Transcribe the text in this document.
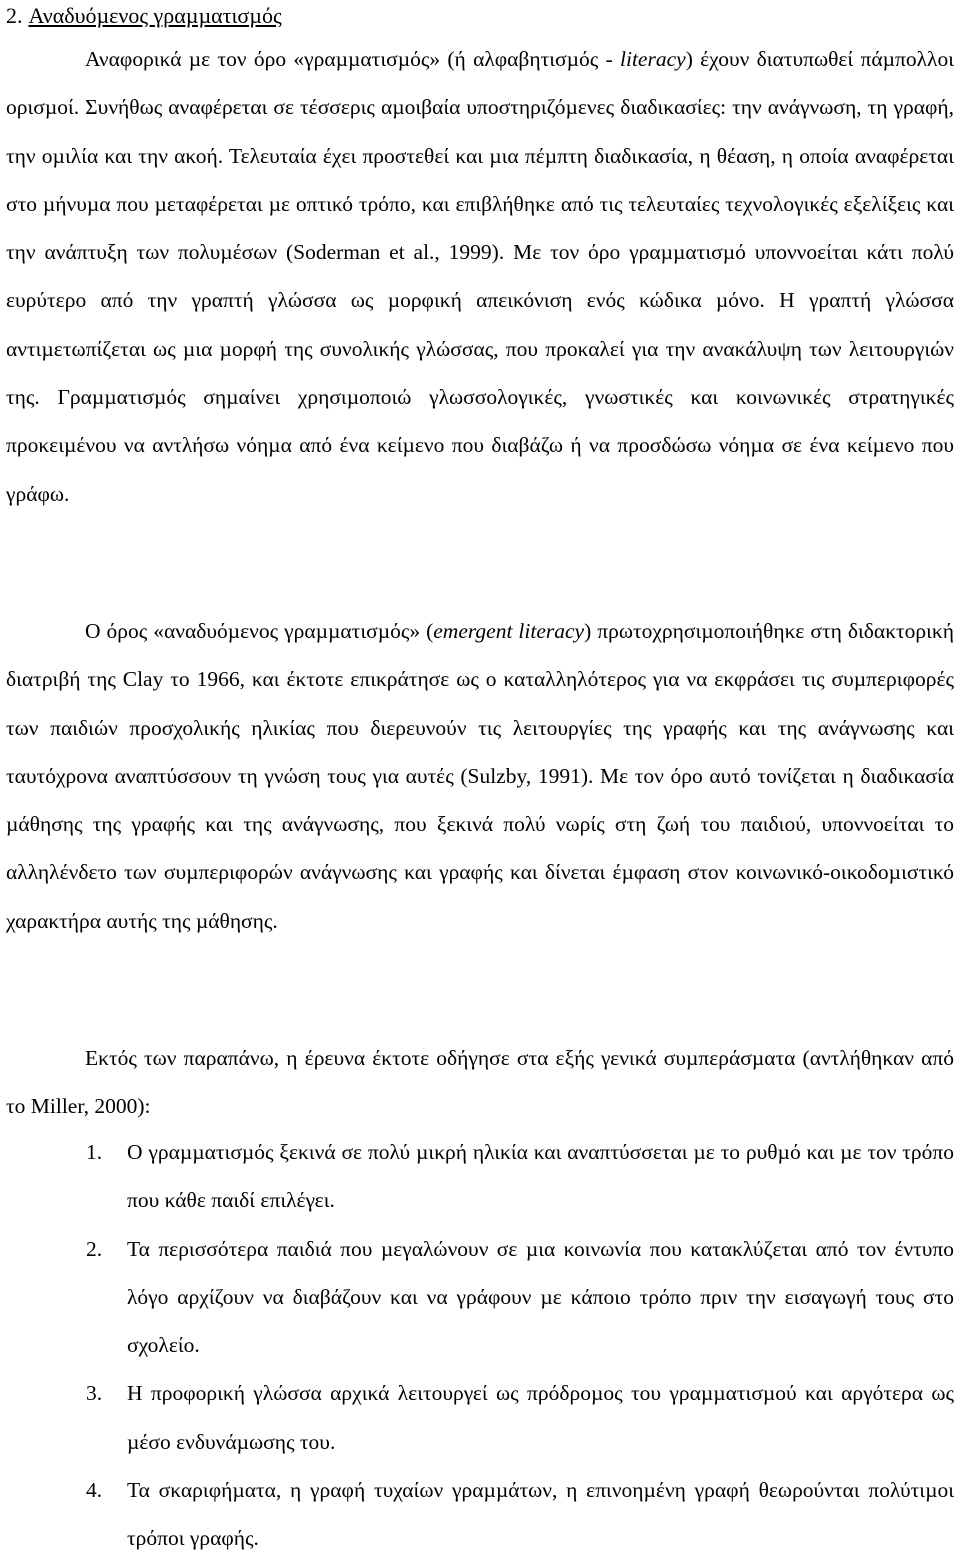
2. Αναδυόµενος γραµµατισµός

Αναφορικά µε τον όρο «γραµµατισµός» (ή αλφαβητισµός - literacy) έχουν διατυπωθεί πάµπολλοι ορισµοί. Συνήθως αναφέρεται σε τέσσερις αµοιβαία υποστηριζόµενες διαδικασίες: την ανάγνωση, τη γραφή, την οµιλία και την ακοή. Τελευταία έχει προστεθεί και µια πέµπτη διαδικασία, η θέαση, η οποία αναφέρεται στο µήνυµα που µεταφέρεται µε οπτικό τρόπο, και επιβλήθηκε από τις τελευταίες τεχνολογικές εξελίξεις και την ανάπτυξη των πολυµέσων (Soderman et al., 1999). Με τον όρο γραµµατισµό υποννοείται κάτι πολύ ευρύτερο από την γραπτή γλώσσα ως µορφική απεικόνιση ενός κώδικα µόνο. Η γραπτή γλώσσα αντιµετωπίζεται ως µια µορφή της συνολικής γλώσσας, που προκαλεί για την ανακάλυψη των λειτουργιών της. Γραµµατισµός σηµαίνει χρησιµοποιώ γλωσσολογικές, γνωστικές και κοινωνικές στρατηγικές προκειµένου να αντλήσω νόηµα από ένα κείµενο που διαβάζω ή να προσδώσω νόηµα σε ένα κείµενο που γράφω.

Ο όρος «αναδυόµενος γραµµατισµός» (emergent literacy) πρωτοχρησιµοποιήθηκε στη διδακτορική διατριβή της Clay το 1966, και έκτοτε επικράτησε ως ο καταλληλότερος για να εκφράσει τις συµπεριφορές των παιδιών προσχολικής ηλικίας που διερευνούν τις λειτουργίες της γραφής και της ανάγνωσης και ταυτόχρονα αναπτύσσουν τη γνώση τους για αυτές (Sulzby, 1991). Με τον όρο αυτό τονίζεται η διαδικασία µάθησης της γραφής και της ανάγνωσης, που ξεκινά πολύ νωρίς στη ζωή του παιδιού, υποννοείται το αλληλένδετο των συµπεριφορών ανάγνωσης και γραφής και δίνεται έµφαση στον κοινωνικό-οικοδοµιστικό χαρακτήρα αυτής της µάθησης.

Εκτός των παραπάνω, η έρευνα έκτοτε οδήγησε στα εξής γενικά συµπεράσµατα (αντλήθηκαν από το Miller, 2000):

1. Ο γραµµατισµός ξεκινά σε πολύ µικρή ηλικία και αναπτύσσεται µε το ρυθµό και µε τον τρόπο που κάθε παιδί επιλέγει.
2. Τα περισσότερα παιδιά που µεγαλώνουν σε µια κοινωνία που κατακλύζεται από τον έντυπο λόγο αρχίζουν να διαβάζουν και να γράφουν µε κάποιο τρόπο πριν την εισαγωγή τους στο σχολείο.
3. Η προφορική γλώσσα αρχικά λειτουργεί ως πρόδροµος του γραµµατισµού και αργότερα ως µέσο ενδυνάµωσης του.
4. Τα σκαριφήµατα, η γραφή τυχαίων γραµµάτων, η επινοηµένη γραφή θεωρούνται πολύτιµοι τρόποι γραφής.
